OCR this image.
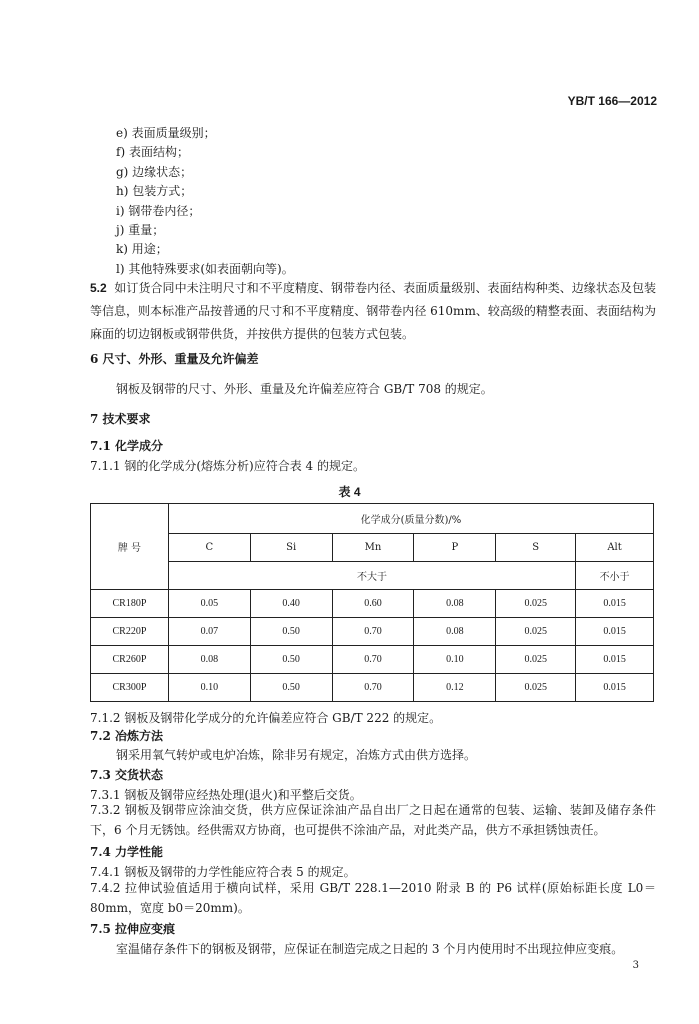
YB/T 166—2012
e) 表面质量级别；
f) 表面结构；
g) 边缘状态；
h) 包装方式；
i) 钢带卷内径；
j) 重量；
k) 用途；
l) 其他特殊要求(如表面朝向等)。
5.2 如订货合同中未注明尺寸和不平度精度、钢带卷内径、表面质量级别、表面结构种类、边缘状态及包装等信息，则本标准产品按普通的尺寸和不平度精度、钢带卷内径 610mm、较高级的精整表面、表面结构为麻面的切边钢板或钢带供货，并按供方提供的包装方式包装。
6 尺寸、外形、重量及允许偏差
钢板及钢带的尺寸、外形、重量及允许偏差应符合 GB/T 708 的规定。
7 技术要求
7.1 化学成分
7.1.1 钢的化学成分(熔炼分析)应符合表 4 的规定。
表 4
牌 号	化学成分(质量分数)/%					
	C	Si	Mn	P	S	Alt
	不大于					不小于
CR180P	0.05	0.40	0.60	0.08	0.025	0.015
CR220P	0.07	0.50	0.70	0.08	0.025	0.015
CR260P	0.08	0.50	0.70	0.10	0.025	0.015
CR300P	0.10	0.50	0.70	0.12	0.025	0.015
7.1.2 钢板及钢带化学成分的允许偏差应符合 GB/T 222 的规定。
7.2 冶炼方法
钢采用氧气转炉或电炉冶炼，除非另有规定，冶炼方式由供方选择。
7.3 交货状态
7.3.1 钢板及钢带应经热处理(退火)和平整后交货。
7.3.2 钢板及钢带应涂油交货，供方应保证涂油产品自出厂之日起在通常的包装、运输、装卸及储存条件下，6 个月无锈蚀。经供需双方协商，也可提供不涂油产品，对此类产品，供方不承担锈蚀责任。
7.4 力学性能
7.4.1 钢板及钢带的力学性能应符合表 5 的规定。
7.4.2 拉伸试验值适用于横向试样，采用 GB/T 228.1—2010 附录 B 的 P6 试样(原始标距长度 L0＝80mm，宽度 b0＝20mm)。
7.5 拉伸应变痕
室温储存条件下的钢板及钢带，应保证在制造完成之日起的 3 个月内使用时不出现拉伸应变痕。
3
